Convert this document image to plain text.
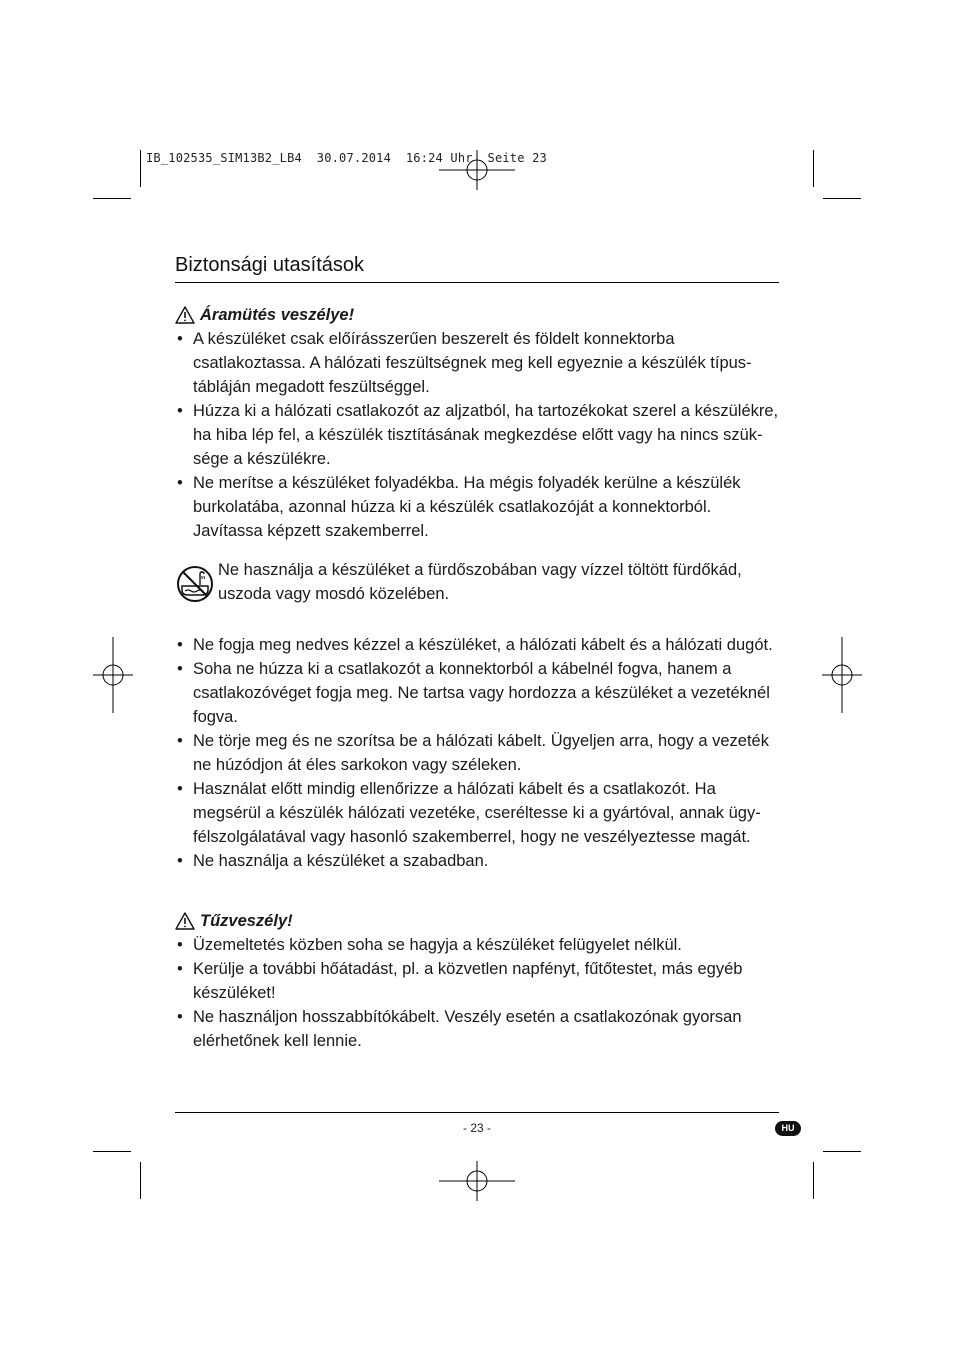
IB_102535_SIM13B2_LB4  30.07.2014  16:24 Uhr  Seite 23
Biztonsági utasítások
Áramütés veszélye!
• A készüléket csak előírásszerűen beszerelt és földelt konnektorba csatlakoztassa. A hálózati feszültségnek meg kell egyeznie a készülék típus-tábláján megadott feszültséggel.
• Húzza ki a hálózati csatlakozót az aljzatból, ha tartozékokat szerel a készülékre, ha hiba lép fel, a készülék tisztításának megkezdése előtt vagy ha nincs szük-sége a készülékre.
• Ne merítse a készüléket folyadékba. Ha mégis folyadék kerülne a készülék burkolatába, azonnal húzza ki a készülék csatlakozóját a konnektorból. Javítassa képzett szakemberrel.
Ne használja a készüléket a fürdőszobában vagy vízzel töltött fürdőkád, uszoda vagy mosdó közelében.
• Ne fogja meg nedves kézzel a készüléket, a hálózati kábelt és a hálózati dugót.
• Soha ne húzza ki a csatlakozót a konnektorból a kábelnél fogva, hanem a csatlakozóvéget fogja meg. Ne tartsa vagy hordozza a készüléket a vezetéknél fogva.
• Ne törje meg és ne szorítsa be a hálózati kábelt. Ügyeljen arra, hogy a vezeték ne húzódjon át éles sarkokon vagy széleken.
• Használat előtt mindig ellenőrizze a hálózati kábelt és a csatlakozót. Ha megsérül a készülék hálózati vezetéke, cseréltesse ki a gyártóval, annak ügy-félszolgálatával vagy hasonló szakemberrel, hogy ne veszélyeztesse magát.
• Ne használja a készüléket a szabadban.
Tűzveszély!
• Üzemeltetés közben soha se hagyja a készüléket felügyelet nélkül.
• Kerülje a további hőátadást, pl. a közvetlen napfényt, fűtőtestet, más egyéb készüléket!
• Ne használjon hosszabbítókábelt. Veszély esetén a csatlakozónak gyorsan elérhetőnek kell lennie.
- 23 -	HU
